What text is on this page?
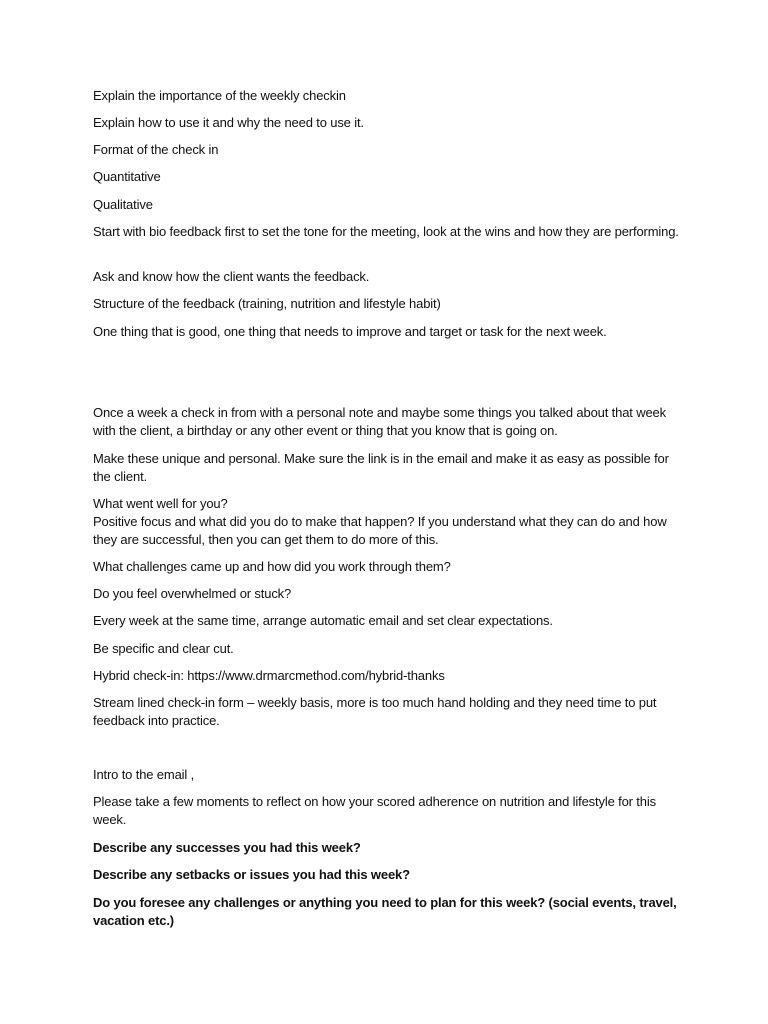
Explain the importance of the weekly checkin

Explain how to use it and why the need to use it.

Format of the check in

Quantitative

Qualitative

Start with bio feedback first to set the tone for the meeting, look at the wins and how they are performing.

Ask and know how the client wants the feedback.

Structure of the feedback (training, nutrition and lifestyle habit)

One thing that is good, one thing that needs to improve and target or task for the next week.

Once a week a check in from with a personal note and maybe some things you talked about that week with the client, a birthday or any other event or thing that you know that is going on.

Make these unique and personal. Make sure the link is in the email and make it as easy as possible for the client.

What went well for you?

Positive focus and what did you do to make that happen? If you understand what they can do and how they are successful, then you can get them to do more of this.

What challenges came up and how did you work through them?

Do you feel overwhelmed or stuck?

Every week at the same time, arrange automatic email and set clear expectations.

Be specific and clear cut.

Hybrid check-in: https://www.drmarcmethod.com/hybrid-thanks

Stream lined check-in form – weekly basis, more is too much hand holding and they need time to put feedback into practice.

Intro to the email ,

Please take a few moments to reflect on how your scored adherence on nutrition and lifestyle for this week.

Describe any successes you had this week?

Describe any setbacks or issues you had this week?

Do you foresee any challenges or anything you need to plan for this week? (social events, travel, vacation etc.)
